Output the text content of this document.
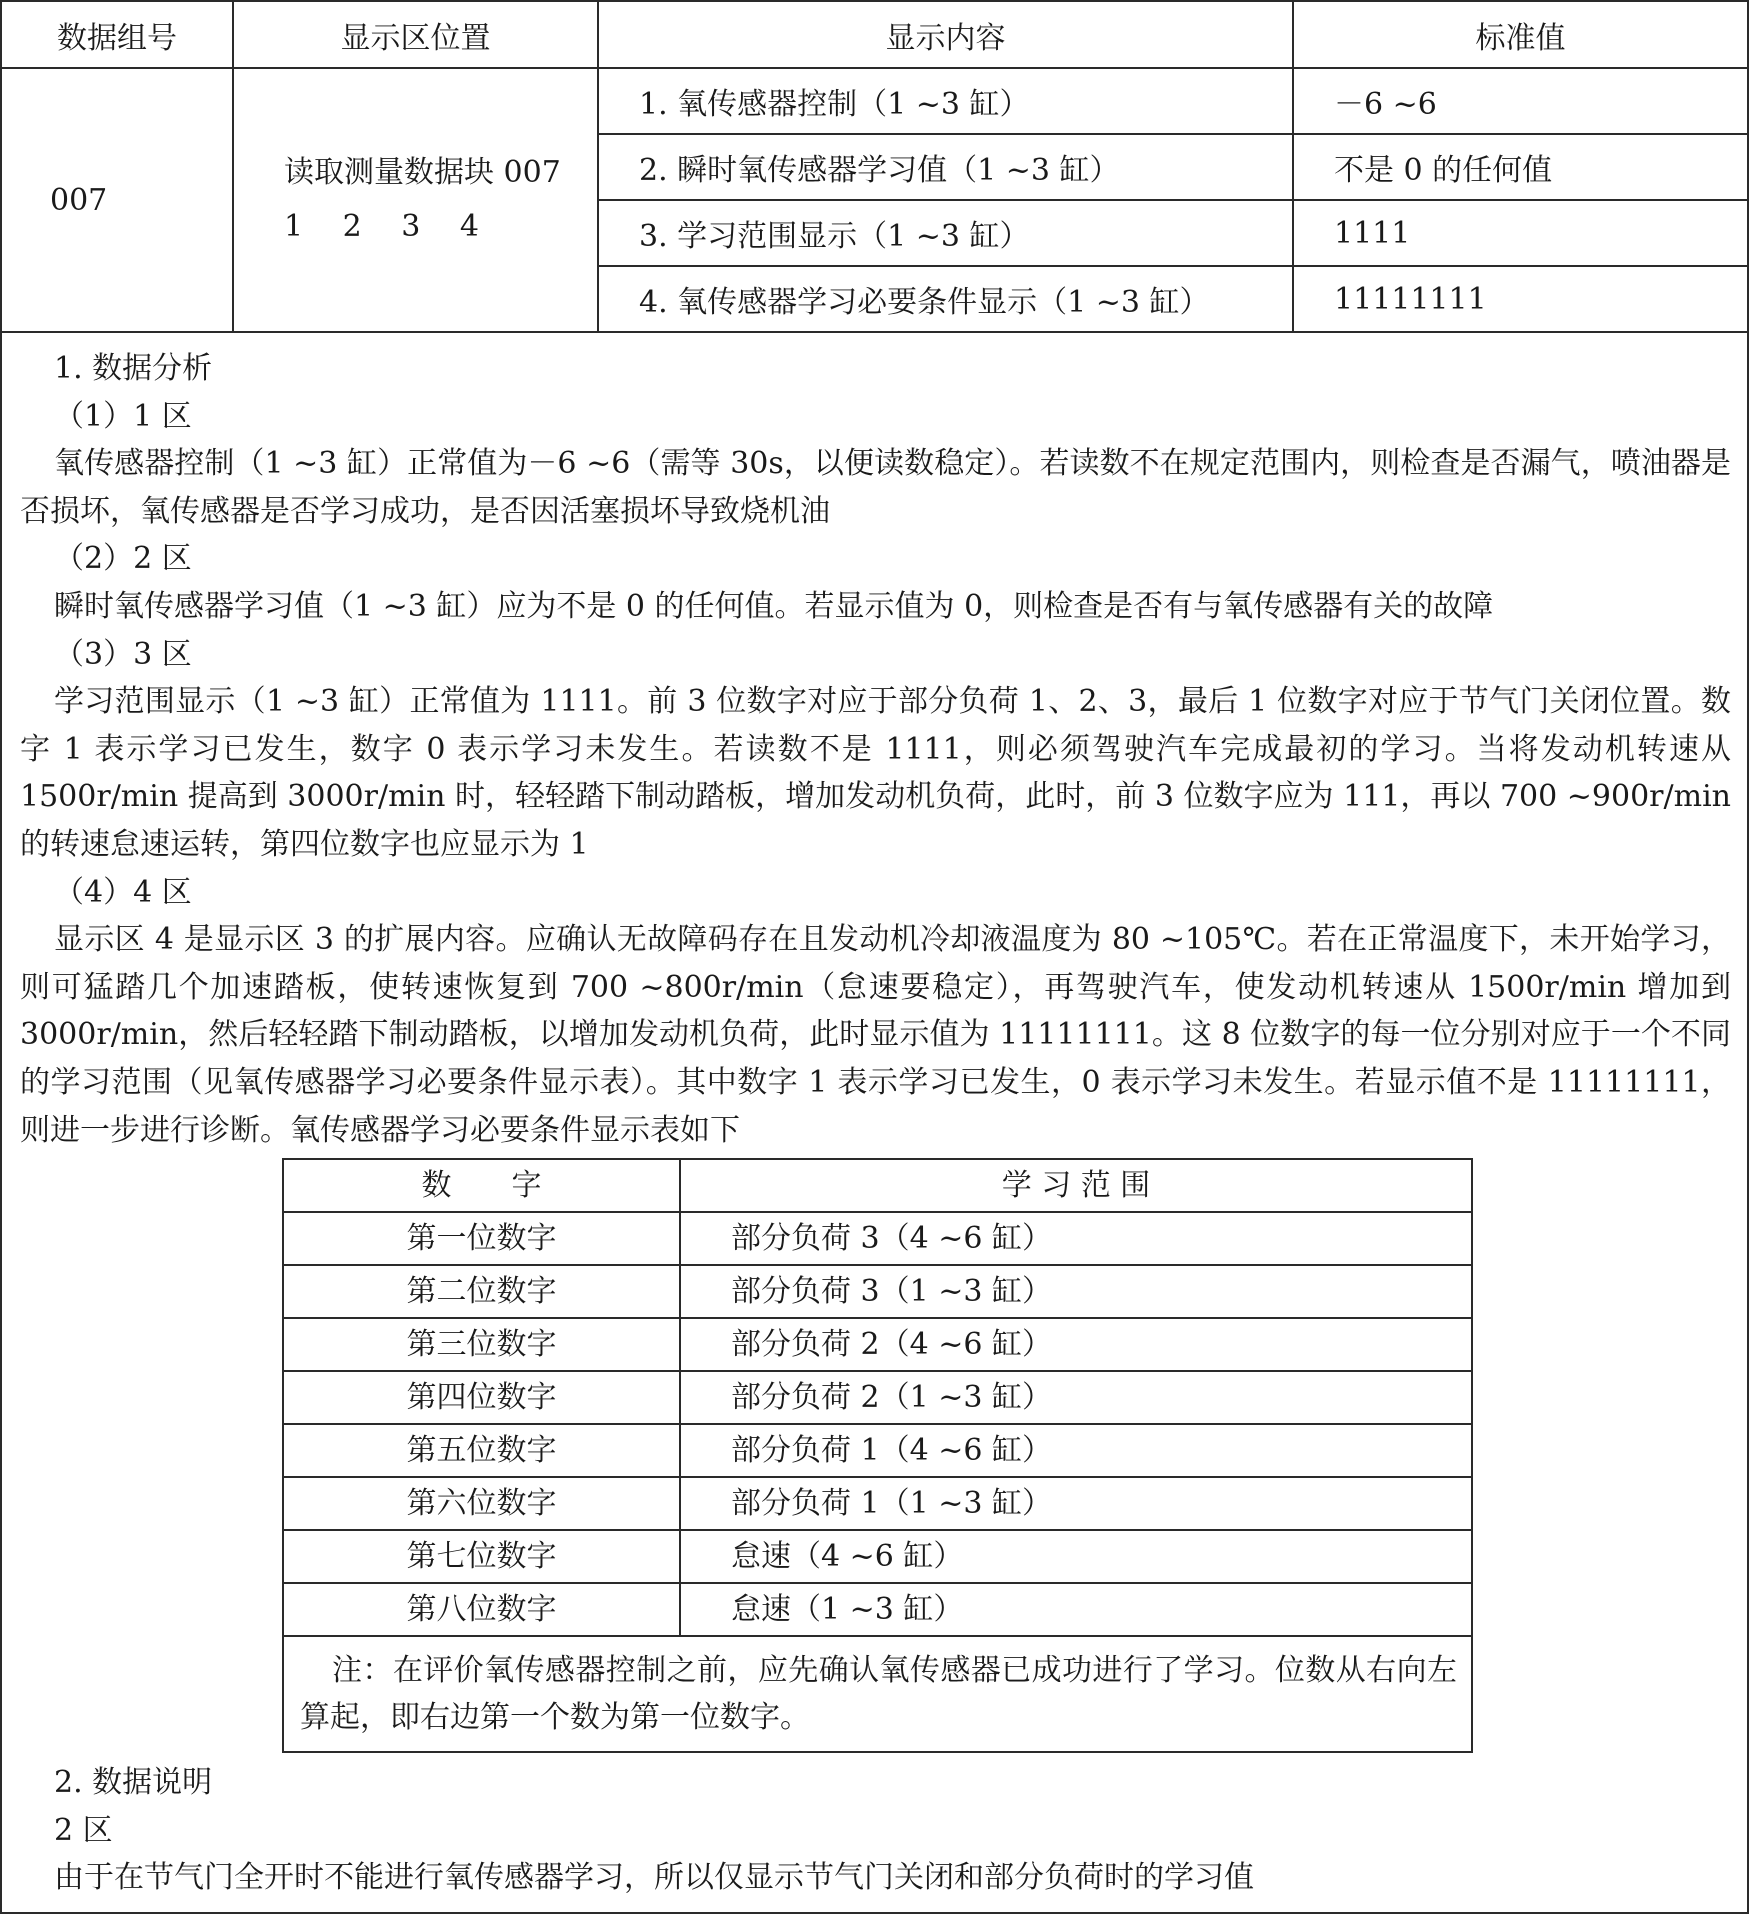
数据组号	显示区位置	显示内容	标准值
007	
读取测量数据块 007
1　 2　 3　 4
	1. 氧传感器控制（1 ~3 缸）	－6 ~6
2. 瞬时氧传感器学习值（1 ~3 缸）	不是 0 的任何值
3. 学习范围显示（1 ~3 缸）	1111
4. 氧传感器学习必要条件显示（1 ~3 缸）	11111111

1. 数据分析

（1）1 区

氧传感器控制（1 ~3 缸）正常值为－6 ~6（需等 30s，以便读数稳定）。若读数不在规定范围内，则检查是否漏气，喷油器是否损坏，氧传感器是否学习成功，是否因活塞损坏导致烧机油

（2）2 区

瞬时氧传感器学习值（1 ~3 缸）应为不是 0 的任何值。若显示值为 0，则检查是否有与氧传感器有关的故障

（3）3 区

学习范围显示（1 ~3 缸）正常值为 1111。前 3 位数字对应于部分负荷 1、2、3，最后 1 位数字对应于节气门关闭位置。数字 1 表示学习已发生，数字 0 表示学习未发生。若读数不是 1111，则必须驾驶汽车完成最初的学习。当将发动机转速从 1500r/min 提高到 3000r/min 时，轻轻踏下制动踏板，增加发动机负荷，此时，前 3 位数字应为 111，再以 700 ~900r/min 的转速怠速运转，第四位数字也应显示为 1

（4）4 区

显示区 4 是显示区 3 的扩展内容。应确认无故障码存在且发动机冷却液温度为 80 ~105℃。若在正常温度下，未开始学习，则可猛踏几个加速踏板，使转速恢复到 700 ~800r/min（怠速要稳定），再驾驶汽车，使发动机转速从 1500r/min 增加到 3000r/min，然后轻轻踏下制动踏板，以增加发动机负荷，此时显示值为 11111111。这 8 位数字的每一位分别对应于一个不同的学习范围（见氧传感器学习必要条件显示表）。其中数字 1 表示学习已发生，0 表示学习未发生。若显示值不是 11111111，则进一步进行诊断。氧传感器学习必要条件显示表如下

数　　字	学 习 范 围
第一位数字	部分负荷 3（4 ~6 缸）
第二位数字	部分负荷 3（1 ~3 缸）
第三位数字	部分负荷 2（4 ~6 缸）
第四位数字	部分负荷 2（1 ~3 缸）
第五位数字	部分负荷 1（4 ~6 缸）
第六位数字	部分负荷 1（1 ~3 缸）
第七位数字	怠速（4 ~6 缸）
第八位数字	怠速（1 ~3 缸）
注：在评价氧传感器控制之前，应先确认氧传感器已成功进行了学习。位数从右向左算起，即右边第一个数为第一位数字。

2. 数据说明

2 区

由于在节气门全开时不能进行氧传感器学习，所以仅显示节气门关闭和部分负荷时的学习值
